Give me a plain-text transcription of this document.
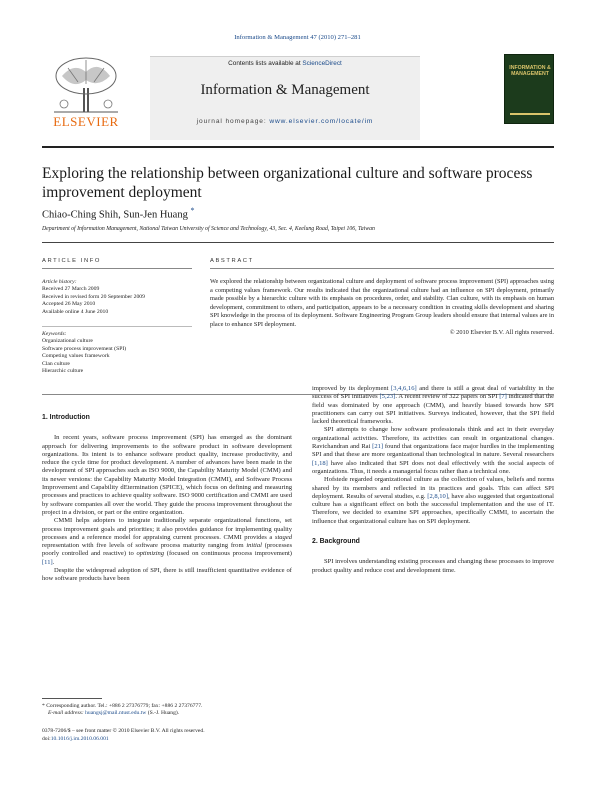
Information & Management 47 (2010) 271–281
Contents lists available at ScienceDirect
Information & Management
journal homepage: www.elsevier.com/locate/im
ELSEVIER
INFORMATION & MANAGEMENT
Exploring the relationship between organizational culture and software process improvement deployment
Chiao-Ching Shih, Sun-Jen Huang *
Department of Information Management, National Taiwan University of Science and Technology, 43, Sec. 4, Keelung Road, Taipei 106, Taiwan
ARTICLE INFO	ABSTRACT
Article history:
Received 27 March 2009
Received in revised form 20 September 2009
Accepted 26 May 2010
Available online 4 June 2010
Keywords:
Organizational culture
Software process improvement (SPI)
Competing values framework
Clan culture
Hierarchic culture
We explored the relationship between organizational culture and deployment of software process improvement (SPI) approaches using a competing values framework. Our results indicated that the organizational culture had an influence on SPI deployment, primarily made possible by a hierarchic culture with its emphasis on procedures, order, and stability. Clan culture, with its emphasis on human development, commitment to others, and participation, appears to be a necessary condition in creating skills development and sharing SPI knowledge in the process of its deployment. Software Engineering Program Group leaders should ensure that internal values are in place to enhance SPI deployment.
© 2010 Elsevier B.V. All rights reserved.

1. Introduction

In recent years, software process improvement (SPI) has emerged as the dominant approach for delivering improvements to the software product in software development organizations. Its intent is to enhance software product quality, increase productivity, and reduce the cycle time for product development. A number of advances have been made in the development of SPI approaches such as ISO 9000, the Capability Maturity Model (CMM) and its newer versions: the Capability Maturity Model Integration (CMMI), and Software Process Improvement and Capability dEtermination (SPICE), which focus on defining and measuring processes and practices to achieve quality software. ISO 9000 certification and CMMI are used by software companies all over the world. They guide the process improvement throughout the project in a division, or part or the entire organization.

CMMI helps adopters to integrate traditionally separate organizational functions, set process improvement goals and priorities; it also provides guidance for implementing quality processes and a reference model for appraising current processes. CMMI provides a staged representation with five levels of software process maturity ranging from initial (processes poorly controlled and reactive) to optimizing (focused on continuous process improvement) [11].

Despite the widespread adoption of SPI, there is still insufficient quantitative evidence of how software products have been

improved by its deployment [3,4,6,16] and there is still a great deal of variability in the success of SPI initiatives [5,23]. A recent review of 322 papers on SPI [7] indicated that the field was dominated by one approach (CMM), and heavily biased towards how SPI practitioners can carry out SPI initiatives. Surveys indicated, however, that the SPI field lacked theoretical frameworks.

SPI attempts to change how software professionals think and act in their everyday organizational activities. Therefore, its activities can result in organizational changes. Ravichandran and Rai [21] found that organizations face major hurdles in the implementing SPI and that these are more organizational than technological in nature. Several researchers [1,18] have also indicated that SPI does not deal effectively with the social aspects of organizations. Thus, it needs a managerial focus rather than a technical one.

Hofstede regarded organizational culture as the collection of values, beliefs and norms shared by its members and reflected in its practices and goals. This can affect SPI deployment. Results of several studies, e.g. [2,8,10], have also suggested that organizational culture has a significant effect on both the successful implementation and the use of IT. Therefore, we decided to examine SPI approaches, specifically CMMI, to ascertain the influence that organizational culture has on SPI deployment.

2. Background

SPI involves understanding existing processes and changing these processes to improve product quality and reduce cost and development time.

* Corresponding author. Tel.: +886 2 27376779; fax: +886 2 27376777.
E-mail address: huangsj@mail.ntust.edu.tw (S.-J. Huang).
0378-7206/$ – see front matter © 2010 Elsevier B.V. All rights reserved.
doi:10.1016/j.im.2010.06.001
